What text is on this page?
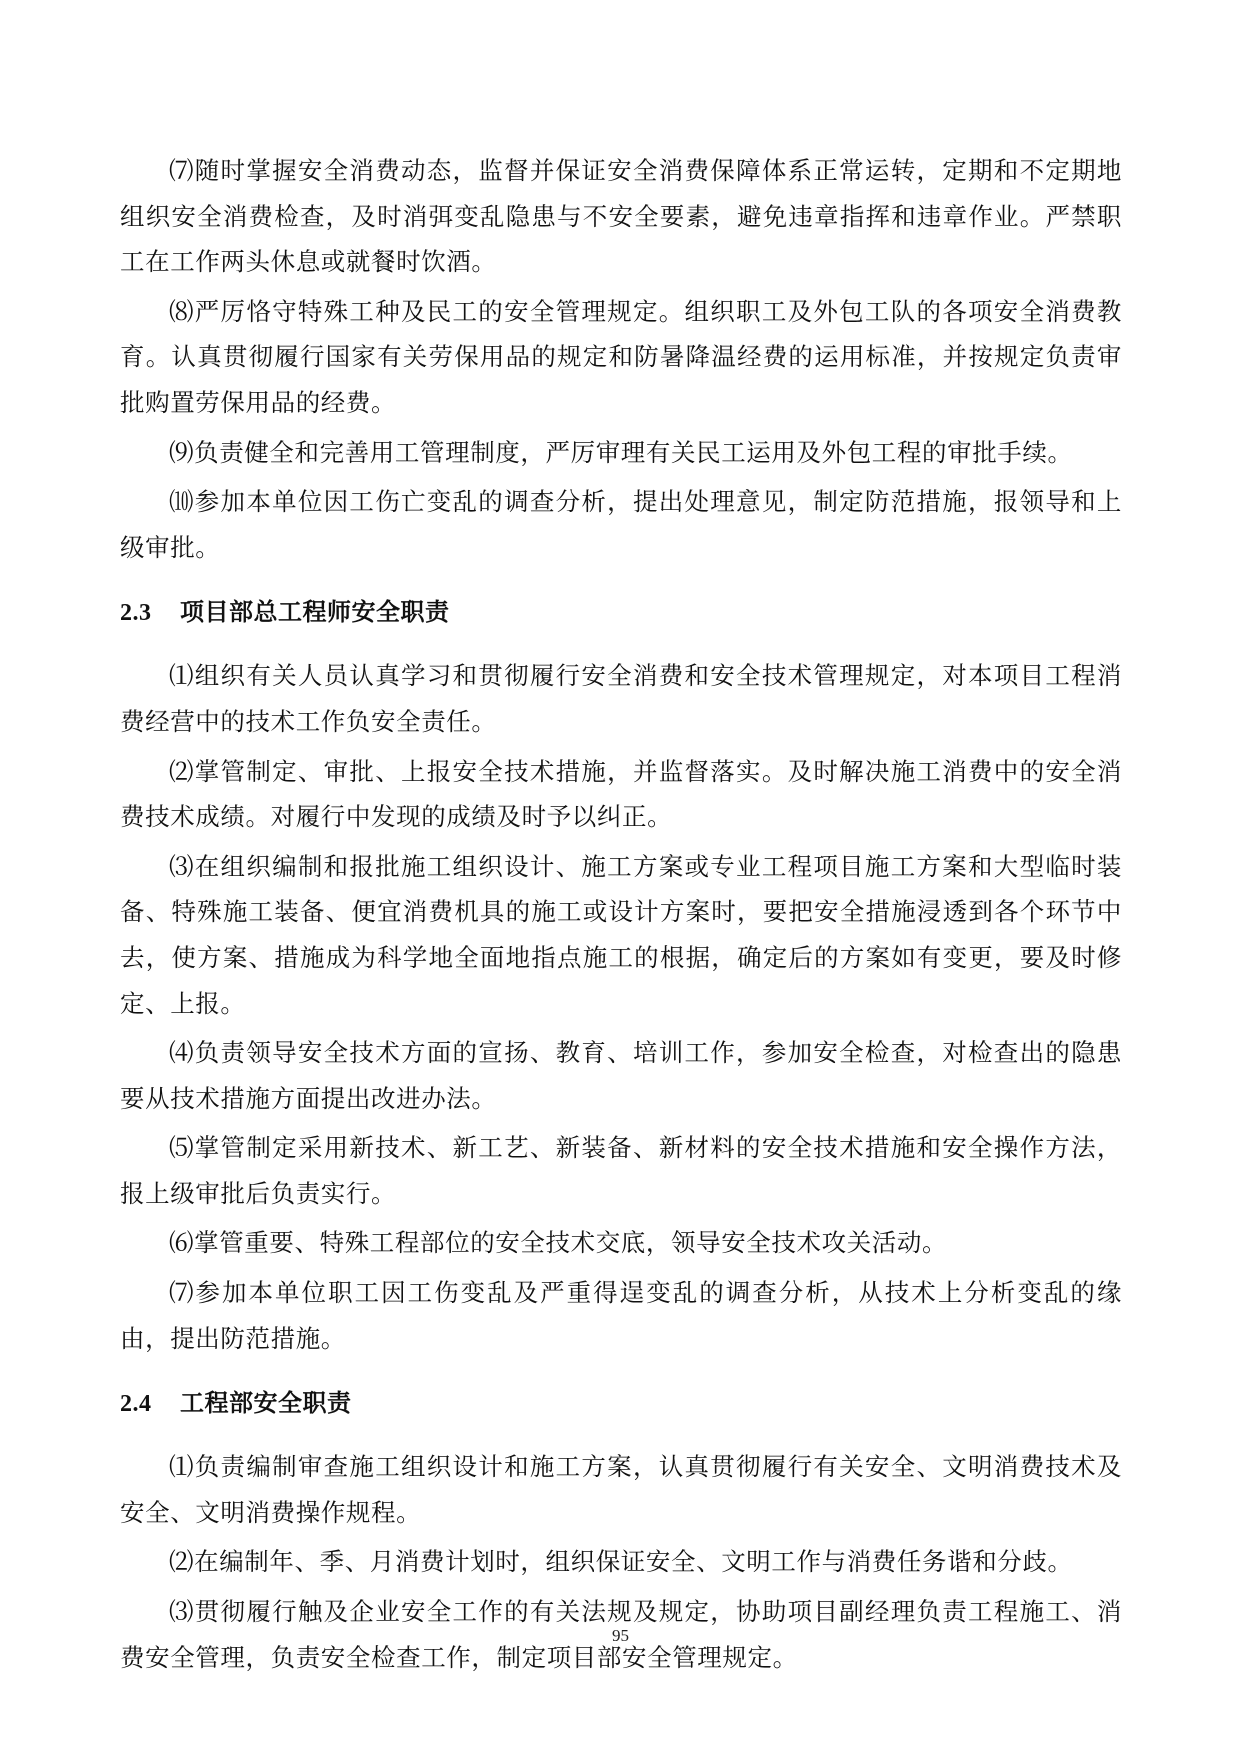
⑺随时掌握安全消费动态，监督并保证安全消费保障体系正常运转，定期和不定期地组织安全消费检查，及时消弭变乱隐患与不安全要素，避免违章指挥和违章作业。严禁职工在工作两头休息或就餐时饮酒。

⑻严厉恪守特殊工种及民工的安全管理规定。组织职工及外包工队的各项安全消费教育。认真贯彻履行国家有关劳保用品的规定和防暑降温经费的运用标准，并按规定负责审批购置劳保用品的经费。

⑼负责健全和完善用工管理制度，严厉审理有关民工运用及外包工程的审批手续。

⑽参加本单位因工伤亡变乱的调查分析，提出处理意见，制定防范措施，报领导和上级审批。

2.3 项目部总工程师安全职责

⑴组织有关人员认真学习和贯彻履行安全消费和安全技术管理规定，对本项目工程消费经营中的技术工作负安全责任。

⑵掌管制定、审批、上报安全技术措施，并监督落实。及时解决施工消费中的安全消费技术成绩。对履行中发现的成绩及时予以纠正。

⑶在组织编制和报批施工组织设计、施工方案或专业工程项目施工方案和大型临时装备、特殊施工装备、便宜消费机具的施工或设计方案时，要把安全措施浸透到各个环节中去，使方案、措施成为科学地全面地指点施工的根据，确定后的方案如有变更，要及时修定、上报。

⑷负责领导安全技术方面的宣扬、教育、培训工作，参加安全检查，对检查出的隐患要从技术措施方面提出改进办法。

⑸掌管制定采用新技术、新工艺、新装备、新材料的安全技术措施和安全操作方法，报上级审批后负责实行。

⑹掌管重要、特殊工程部位的安全技术交底，领导安全技术攻关活动。

⑺参加本单位职工因工伤变乱及严重得逞变乱的调查分析，从技术上分析变乱的缘由，提出防范措施。

2.4 工程部安全职责

⑴负责编制审查施工组织设计和施工方案，认真贯彻履行有关安全、文明消费技术及安全、文明消费操作规程。

⑵在编制年、季、月消费计划时，组织保证安全、文明工作与消费任务谐和分歧。

⑶贯彻履行触及企业安全工作的有关法规及规定，协助项目副经理负责工程施工、消费安全管理，负责安全检查工作，制定项目部安全管理规定。

95
